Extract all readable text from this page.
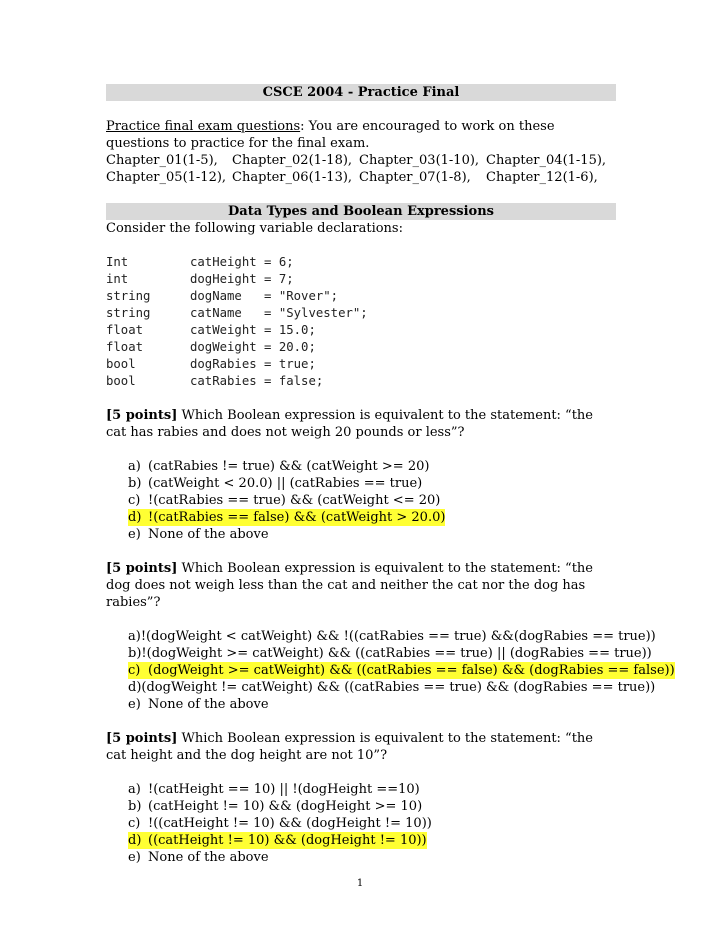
CSCE 2004 - Practice Final
Practice final exam questions: You are encouraged to work on these questions to practice for the final exam.
Chapter_01(1-5),	Chapter_02(1-18), Chapter_03(1-10), Chapter_04(1-15),
Chapter_05(1-12), Chapter_06(1-13), Chapter_07(1-8),	Chapter_12(1-6),
Data Types and Boolean Expressions
Consider the following variable declarations:
Int	catHeight = 6;
int	dogHeight = 7;
string	dogName   = "Rover";
string	catName   = "Sylvester";
float	catWeight = 15.0;
float	dogWeight = 20.0;
bool	dogRabies = true;
bool	catRabies = false;
[5 points] Which Boolean expression is equivalent to the statement: “the cat has rabies and does not weigh 20 pounds or less”?
a) (catRabies != true) && (catWeight >= 20)
b) (catWeight < 20.0) || (catRabies == true)
c) !(catRabies == true) && (catWeight <= 20)
d) !(catRabies == false) && (catWeight > 20.0)
e) None of the above
[5 points] Which Boolean expression is equivalent to the statement: “the dog does not weigh less than the cat and neither the cat nor the dog has rabies”?
a) !(dogWeight < catWeight) && !((catRabies == true) &&(dogRabies == true))
b) !(dogWeight >= catWeight) && ((catRabies == true) || (dogRabies == true))
c) (dogWeight >= catWeight) && ((catRabies == false) && (dogRabies == false))
d) (dogWeight != catWeight) && ((catRabies == true) && (dogRabies == true))
e) None of the above
[5 points] Which Boolean expression is equivalent to the statement: “the cat height and the dog height are not 10”?
a) !(catHeight == 10) || !(dogHeight ==10)
b) (catHeight != 10) && (dogHeight >= 10)
c) !((catHeight != 10) && (dogHeight != 10))
d) ((catHeight != 10) && (dogHeight != 10))
e) None of the above
1
